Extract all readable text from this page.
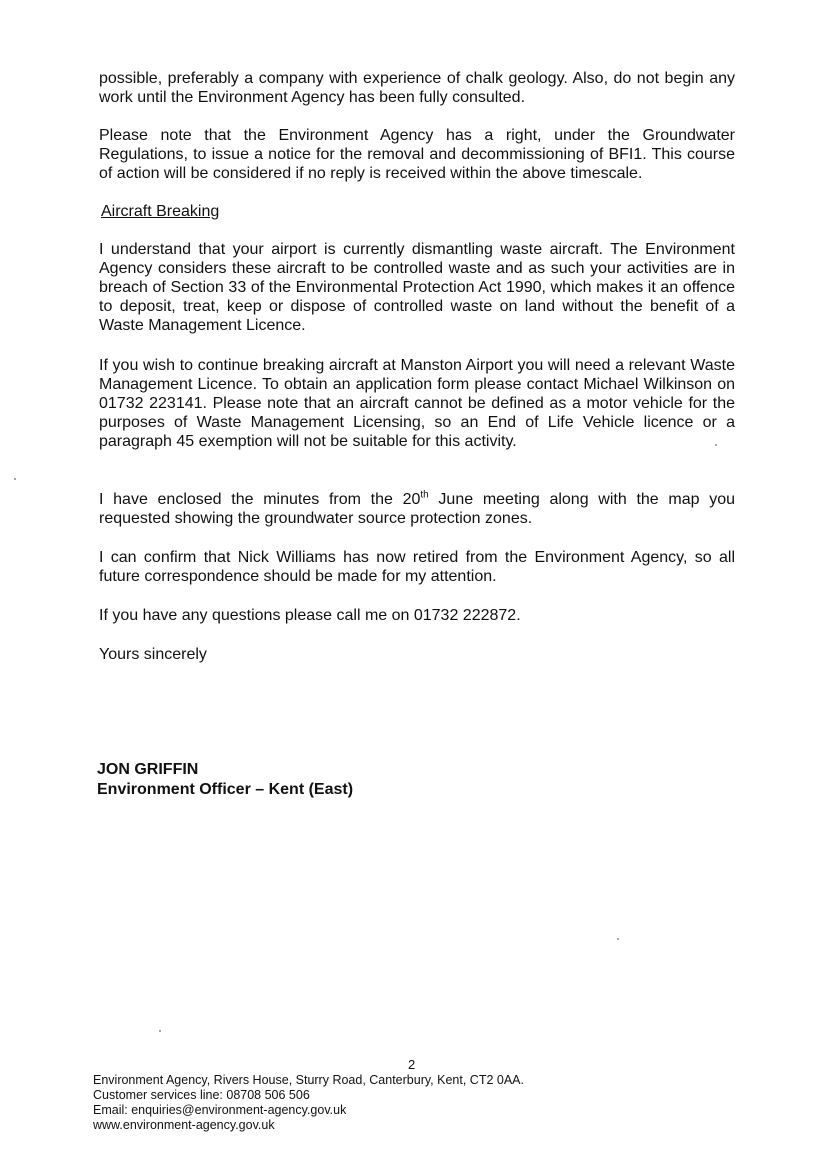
possible, preferably a company with experience of chalk geology. Also, do not begin any work until the Environment Agency has been fully consulted.

Please note that the Environment Agency has a right, under the Groundwater Regulations, to issue a notice for the removal and decommissioning of BFI1. This course of action will be considered if no reply is received within the above timescale.

Aircraft Breaking

I understand that your airport is currently dismantling waste aircraft. The Environment Agency considers these aircraft to be controlled waste and as such your activities are in breach of Section 33 of the Environmental Protection Act 1990, which makes it an offence to deposit, treat, keep or dispose of controlled waste on land without the benefit of a Waste Management Licence.

If you wish to continue breaking aircraft at Manston Airport you will need a relevant Waste Management Licence. To obtain an application form please contact Michael Wilkinson on 01732 223141. Please note that an aircraft cannot be defined as a motor vehicle for the purposes of Waste Management Licensing, so an End of Life Vehicle licence or a paragraph 45 exemption will not be suitable for this activity.

I have enclosed the minutes from the 20th June meeting along with the map you requested showing the groundwater source protection zones.

I can confirm that Nick Williams has now retired from the Environment Agency, so all future correspondence should be made for my attention.

If you have any questions please call me on 01732 222872.

Yours sincerely

JON GRIFFIN

Environment Officer – Kent (East)

2
Environment Agency, Rivers House, Sturry Road, Canterbury, Kent, CT2 0AA.
Customer services line: 08708 506 506
Email: enquiries@environment-agency.gov.uk
www.environment-agency.gov.uk
